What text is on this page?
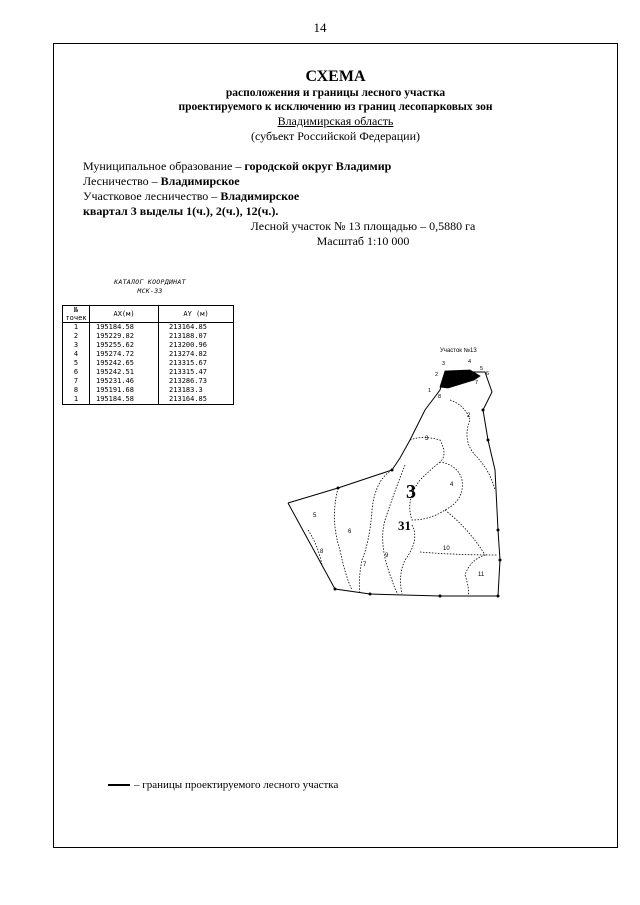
14
СХЕМА
расположения и границы лесного участка
проектируемого к исключению из границ лесопарковых зон
Владимирская область
(субъект Российской Федерации)
Муниципальное образование – городской округ Владимир
Лесничество – Владимирское
Участковое лесничество – Владимирское
квартал 3 выделы 1(ч.), 2(ч.), 12(ч.).
Лесной участок № 13 площадью – 0,5880 га
Масштаб 1:10 000
КАТАЛОГ КООРДИНАТ
МСК-33
№
точек	AX(м)	AY (м)
1	195184.58	213164.85
2	195229.82	213188.07
3	195255.62	213200.96
4	195274.72	213274.82
5	195242.65	213315.67
6	195242.51	213315.47
7	195231.46	213286.73
8	195191.68	213183.3
1	195184.58	213164.85
Участок №13
1
2
3	4
5
6
7
8
2
3
4
5
6
7
8
9
10
11
3
31
– границы проектируемого лесного участка
